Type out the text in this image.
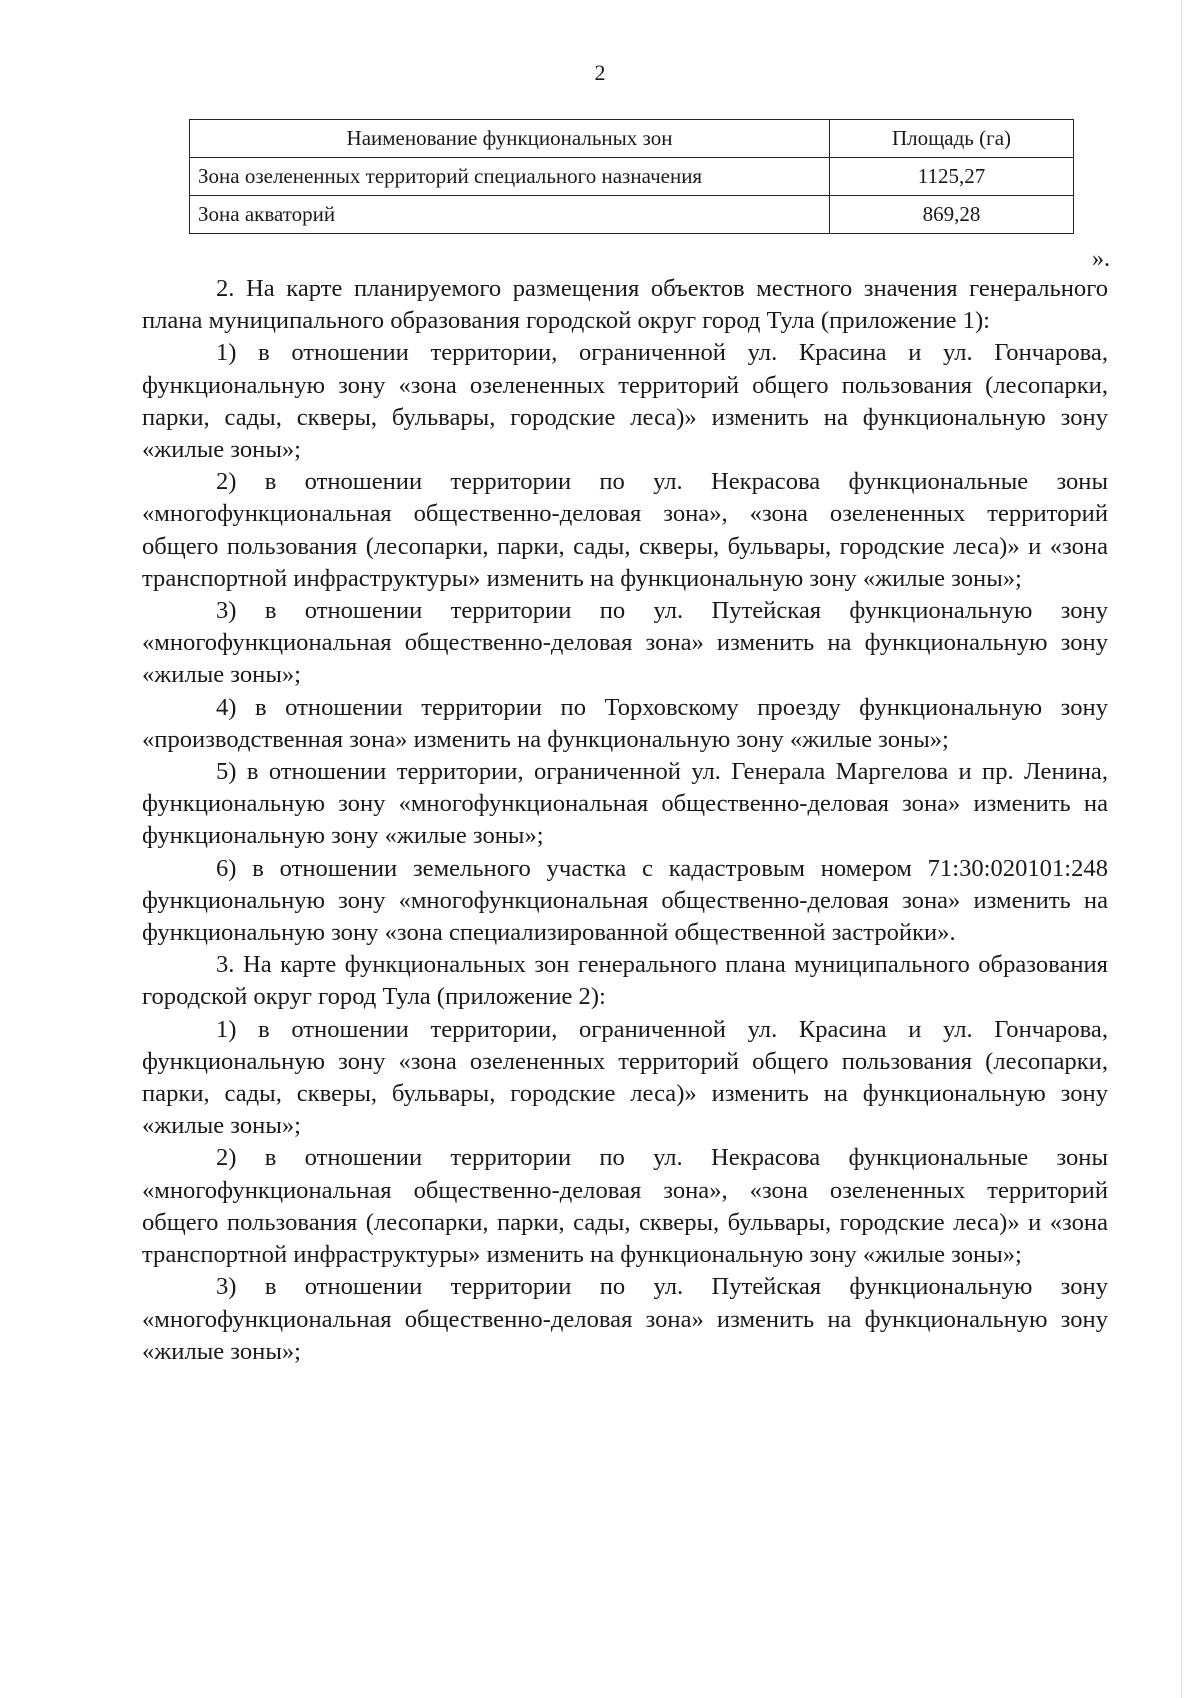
2
Наименование функциональных зон	Площадь (га)
Зона озелененных территорий специального назначения	1125,27
Зона акваторий	869,28
».

2. На карте планируемого размещения объектов местного значения генерального плана муниципального образования городской округ город Тула (приложение 1):

1) в отношении территории, ограниченной ул. Красина и ул. Гончарова, функциональную зону «зона озелененных территорий общего пользования (лесопарки, парки, сады, скверы, бульвары, городские леса)» изменить на функциональную зону «жилые зоны»;

2) в отношении территории по ул. Некрасова функциональные зоны «многофункциональная общественно-деловая зона», «зона озелененных территорий общего пользования (лесопарки, парки, сады, скверы, бульвары, городские леса)» и «зона транспортной инфраструктуры» изменить на функциональную зону «жилые зоны»;

3) в отношении территории по ул. Путейская функциональную зону «многофункциональная общественно-деловая зона» изменить на функциональную зону «жилые зоны»;

4) в отношении территории по Торховскому проезду функциональную зону «производственная зона» изменить на функциональную зону «жилые зоны»;

5) в отношении территории, ограниченной ул. Генерала Маргелова и пр. Ленина, функциональную зону «многофункциональная общественно-деловая зона» изменить на функциональную зону «жилые зоны»;

6) в отношении земельного участка с кадастровым номером 71:30:020101:248 функциональную зону «многофункциональная общественно-деловая зона» изменить на функциональную зону «зона специализированной общественной застройки».

3. На карте функциональных зон генерального плана муниципального образования городской округ город Тула (приложение 2):

1) в отношении территории, ограниченной ул. Красина и ул. Гончарова, функциональную зону «зона озелененных территорий общего пользования (лесопарки, парки, сады, скверы, бульвары, городские леса)» изменить на функциональную зону «жилые зоны»;

2) в отношении территории по ул. Некрасова функциональные зоны «многофункциональная общественно-деловая зона», «зона озелененных территорий общего пользования (лесопарки, парки, сады, скверы, бульвары, городские леса)» и «зона транспортной инфраструктуры» изменить на функциональную зону «жилые зоны»;

3) в отношении территории по ул. Путейская функциональную зону «многофункциональная общественно-деловая зона» изменить на функциональную зону «жилые зоны»;
